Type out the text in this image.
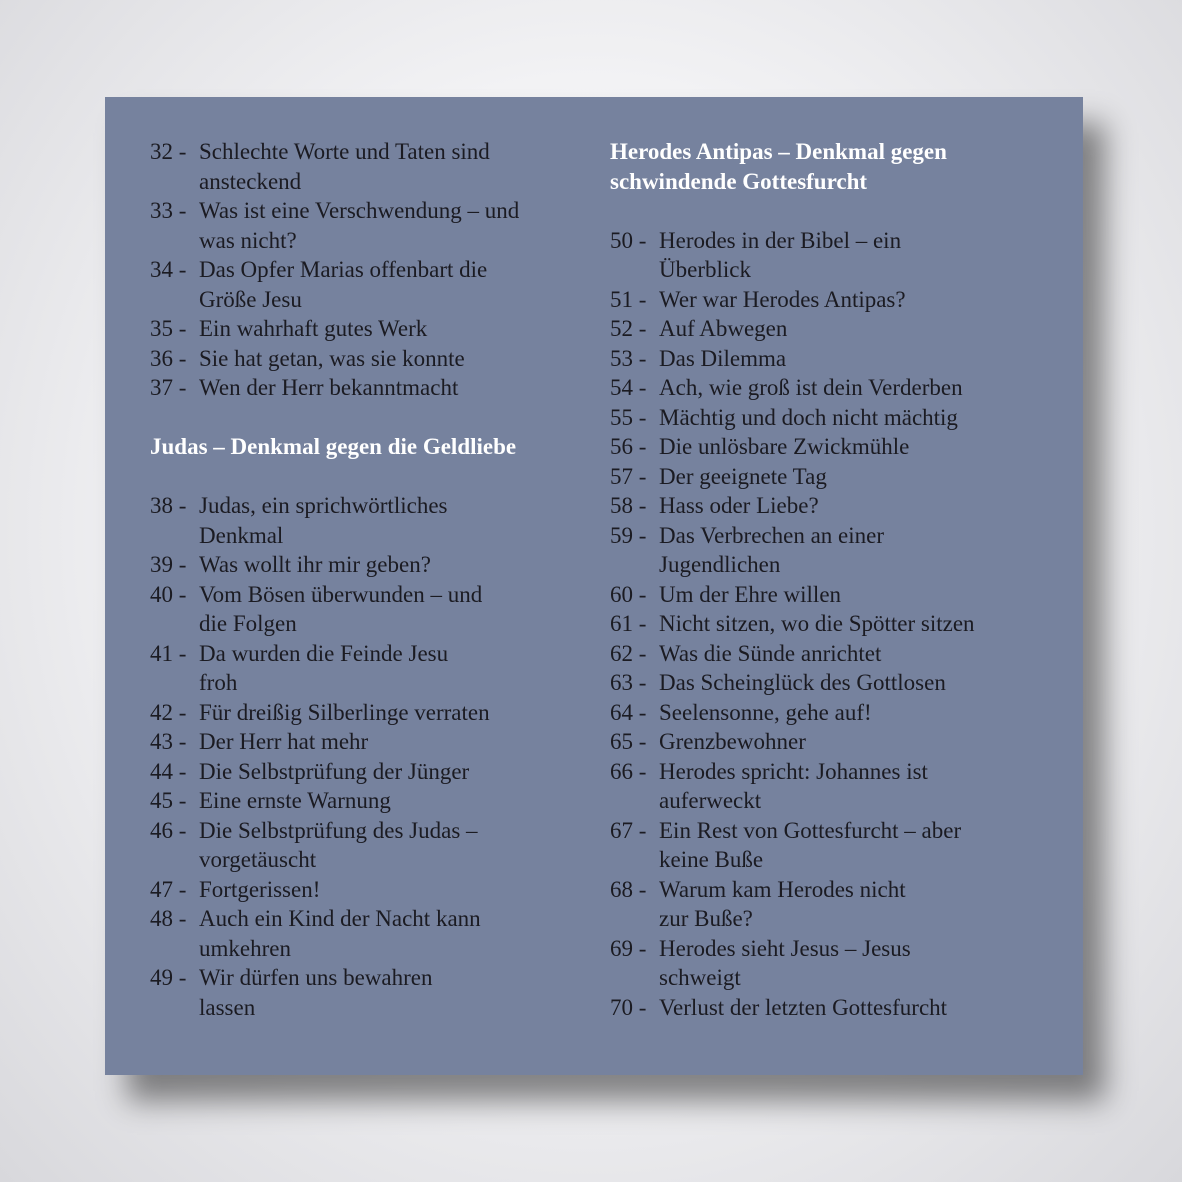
32 - Schlechte Worte und Taten sind
ansteckend
33 - Was ist eine Verschwendung – und
was nicht?
34 - Das Opfer Marias offenbart die
Größe Jesu
35 - Ein wahrhaft gutes Werk
36 - Sie hat getan, was sie konnte
37 - Wen der Herr bekanntmacht
Judas – Denkmal gegen die Geldliebe
38 - Judas, ein sprichwörtliches
Denkmal
39 - Was wollt ihr mir geben?
40 - Vom Bösen überwunden – und
die Folgen
41 - Da wurden die Feinde Jesu
froh
42 - Für dreißig Silberlinge verraten
43 - Der Herr hat mehr
44 - Die Selbstprüfung der Jünger
45 - Eine ernste Warnung
46 - Die Selbstprüfung des Judas –
vorgetäuscht
47 - Fortgerissen!
48 - Auch ein Kind der Nacht kann
umkehren
49 - Wir dürfen uns bewahren
lassen
Herodes Antipas – Denkmal gegen
schwindende Gottesfurcht
50 - Herodes in der Bibel – ein
Überblick
51 - Wer war Herodes Antipas?
52 - Auf Abwegen
53 - Das Dilemma
54 - Ach, wie groß ist dein Verderben
55 - Mächtig und doch nicht mächtig
56 - Die unlösbare Zwickmühle
57 - Der geeignete Tag
58 - Hass oder Liebe?
59 - Das Verbrechen an einer
Jugendlichen
60 - Um der Ehre willen
61 - Nicht sitzen, wo die Spötter sitzen
62 - Was die Sünde anrichtet
63 - Das Scheinglück des Gottlosen
64 - Seelensonne, gehe auf!
65 - Grenzbewohner
66 - Herodes spricht: Johannes ist
auferweckt
67 - Ein Rest von Gottesfurcht – aber
keine Buße
68 - Warum kam Herodes nicht
zur Buße?
69 - Herodes sieht Jesus – Jesus
schweigt
70 - Verlust der letzten Gottesfurcht
